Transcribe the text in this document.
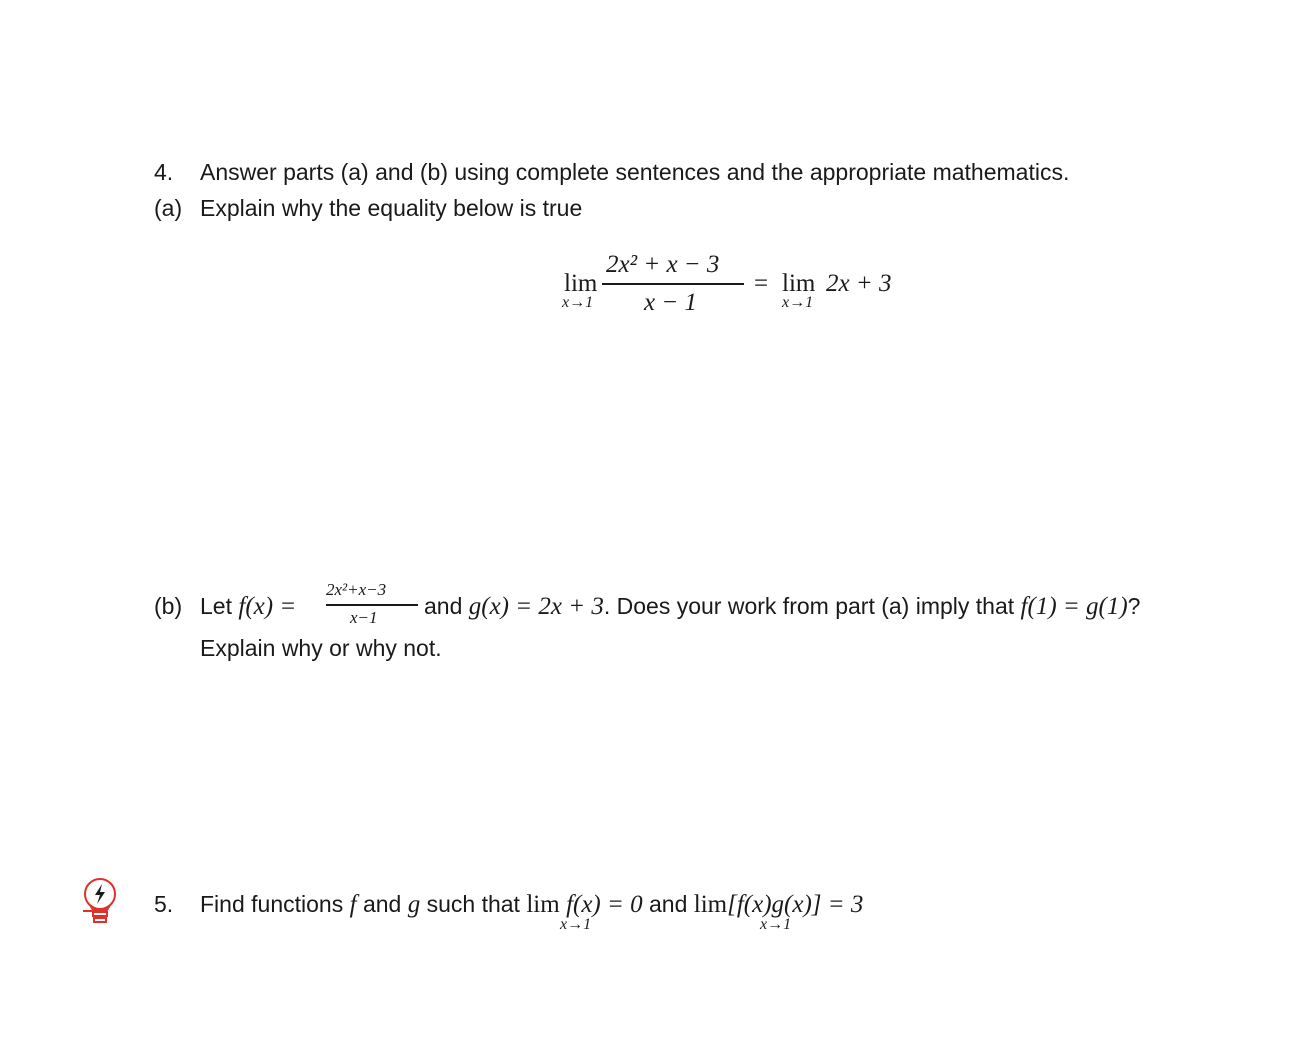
4. Answer parts (a) and (b) using complete sentences and the appropriate mathematics.
(a) Explain why the equality below is true
lim
x→1
2x² + x − 3
x − 1
= lim
x→1
2x + 3
(b) Let f(x) =
2x²+x−3
x−1 and g(x) = 2x + 3. Does your work from part (a) imply that f(1) = g(1)?
Explain why or why not.
5. Find functions f and g such that lim f(x) = 0 and lim[f(x)g(x)] = 3
x→1	x→1
